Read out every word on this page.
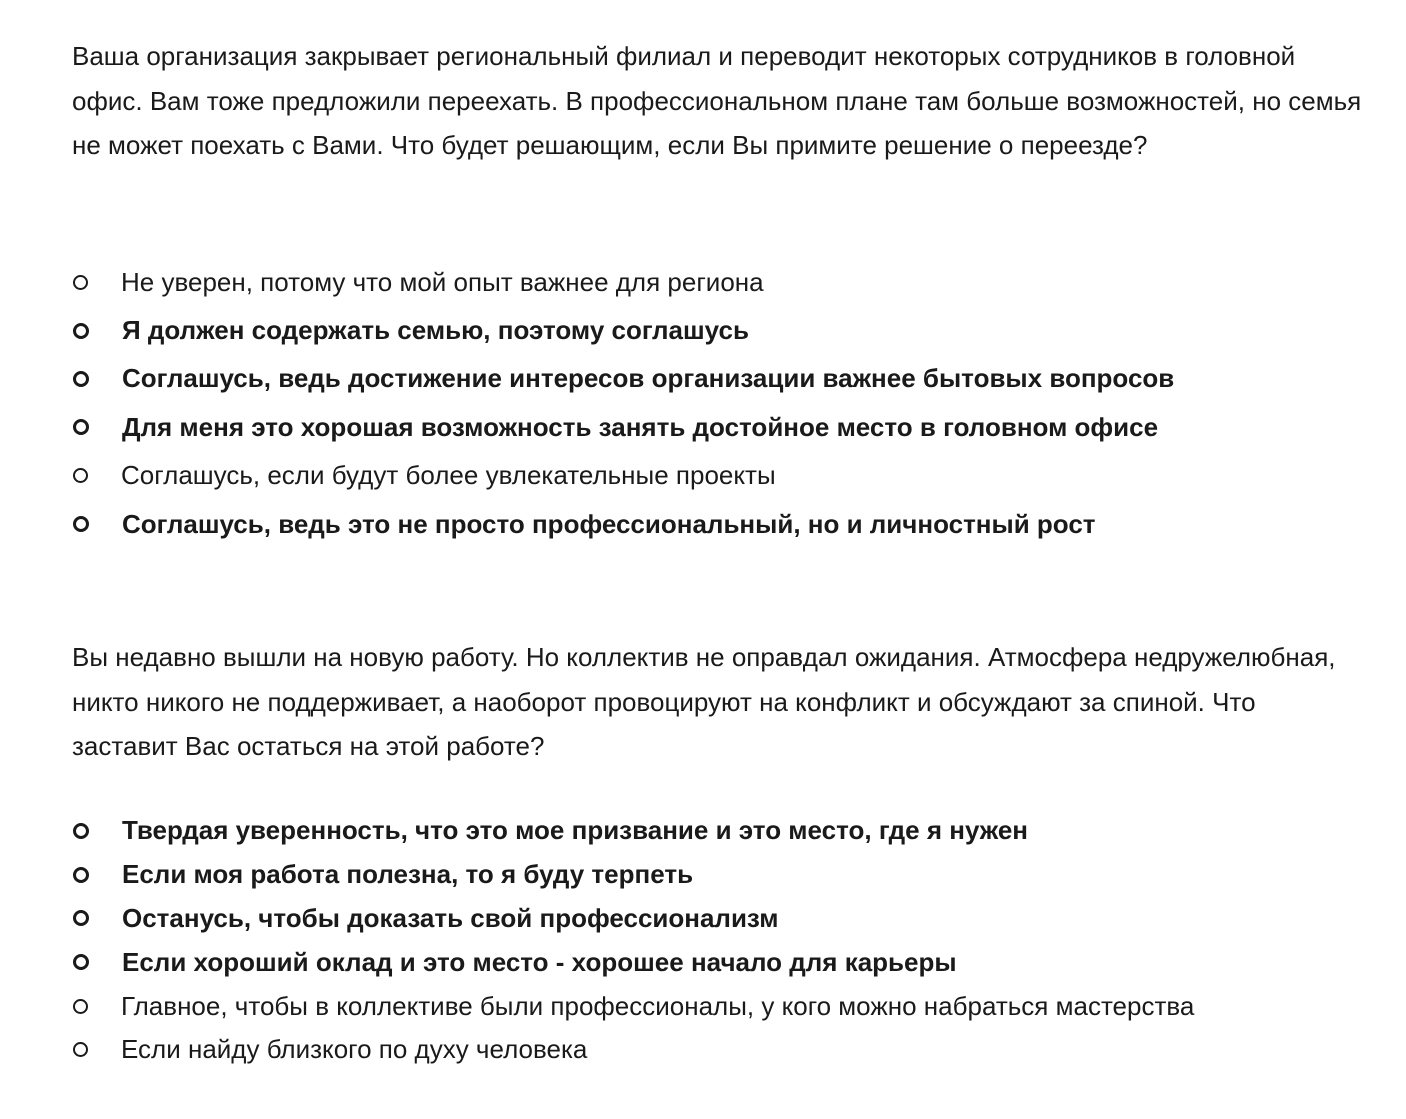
Ваша организация закрывает региональный филиал и переводит некоторых сотрудников в головной офис. Вам тоже предложили переехать. В профессиональном плане там больше возможностей, но семья не может поехать с Вами. Что будет решающим, если Вы примите решение о переезде?

Не уверен, потому что мой опыт важнее для региона
Я должен содержать семью, поэтому соглашусь
Соглашусь, ведь достижение интересов организации важнее бытовых вопросов
Для меня это хорошая возможность занять достойное место в головном офисе
Соглашусь, если будут более увлекательные проекты
Соглашусь, ведь это не просто профессиональный, но и личностный рост

Вы недавно вышли на новую работу. Но коллектив не оправдал ожидания. Атмосфера недружелюбная, никто никого не поддерживает, а наоборот провоцируют на конфликт и обсуждают за спиной. Что заставит Вас остаться на этой работе?

Твердая уверенность, что это мое призвание и это место, где я нужен
Если моя работа полезна, то я буду терпеть
Останусь, чтобы доказать свой профессионализм
Если хороший оклад и это место - хорошее начало для карьеры
Главное, чтобы в коллективе были профессионалы, у кого можно набраться мастерства
Если найду близкого по духу человека
